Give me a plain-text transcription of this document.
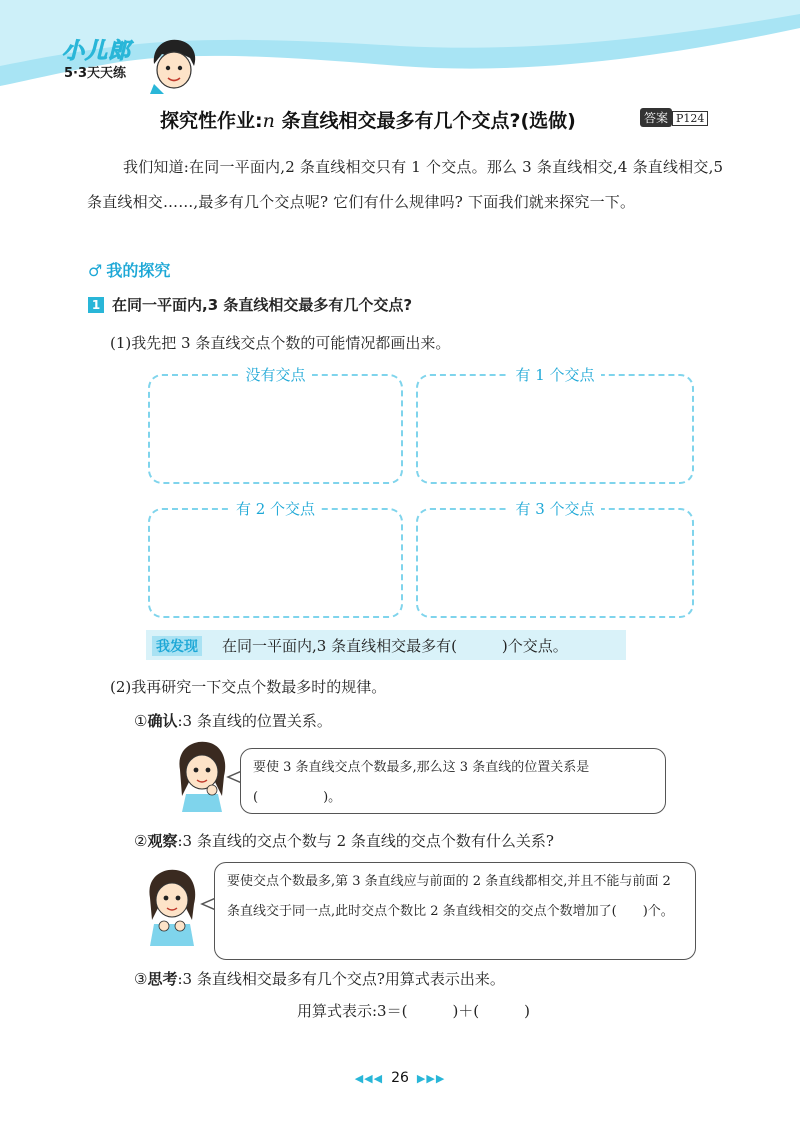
小儿郎
5·3天天练
探究性作业:n 条直线相交最多有几个交点?(选做)	答案 P124
我们知道:在同一平面内,2 条直线相交只有 1 个交点。那么 3 条直线相交,4 条直线相交,5 条直线相交……,最多有几个交点呢? 它们有什么规律吗? 下面我们就来探究一下。
♂ 我的探究
1 在同一平面内,3 条直线相交最多有几个交点?
(1)我先把 3 条直线交点个数的可能情况都画出来。
没有交点	有 1 个交点
有 2 个交点	有 3 个交点
我发现 在同一平面内,3 条直线相交最多有(　　　)个交点。
(2)我再研究一下交点个数最多时的规律。
①确认:3 条直线的位置关系。
要使 3 条直线交点个数最多,那么这 3 条直线的位置关系是(　　　　　)。
②观察:3 条直线的交点个数与 2 条直线的交点个数有什么关系?
要使交点个数最多,第 3 条直线应与前面的 2 条直线都相交,并且不能与前面 2 条直线交于同一点,此时交点个数比 2 条直线相交的交点个数增加了(　　)个。
③思考:3 条直线相交最多有几个交点?用算式表示出来。
用算式表示:3＝(　　　)＋(　　　)
◀◀◀ 26 ▶▶▶
